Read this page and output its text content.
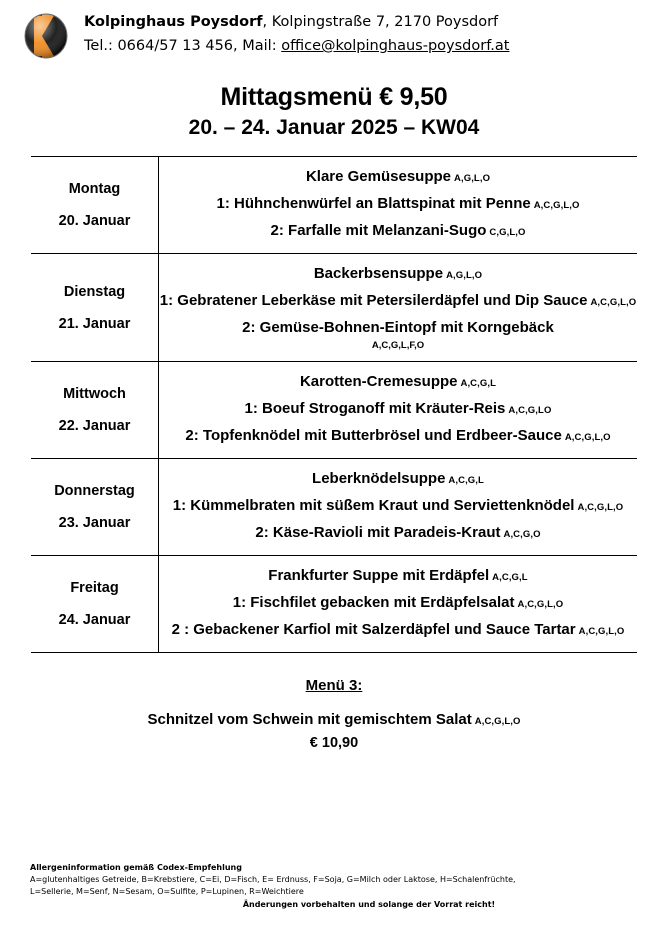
Kolpinghaus Poysdorf, Kolpingstraße 7, 2170 Poysdorf
Tel.: 0664/57 13 456, Mail: office@kolpinghaus-poysdorf.at
Mittagsmenü € 9,50
20. – 24. Januar 2025 – KW04
Montag
20. Januar

Klare Gemüsesuppe A,G,L,O
1: Hühnchenwürfel an Blattspinat mit Penne A,C,G,L,O
2: Farfalle mit Melanzani-Sugo C,G,L,O

Dienstag
21. Januar

Backerbsensuppe A,G,L,O
1: Gebratener Leberkäse mit Petersilerdäpfel und Dip Sauce A,C,G,L,O
2: Gemüse-Bohnen-Eintopf mit Korngebäck
A,C,G,L,F,O

Mittwoch
22. Januar

Karotten-Cremesuppe A,C,G,L
1: Boeuf Stroganoff mit Kräuter-Reis A,C,G,LO
2: Topfenknödel mit Butterbrösel und Erdbeer-Sauce A,C,G,L,O

Donnerstag
23. Januar

Leberknödelsuppe A,C,G,L
1: Kümmelbraten mit süßem Kraut und Serviettenknödel A,C,G,L,O
2: Käse-Ravioli mit Paradeis-Kraut A,C,G,O

Freitag
24. Januar

Frankfurter Suppe mit Erdäpfel A,C,G,L
1: Fischfilet gebacken mit Erdäpfelsalat A,C,G,L,O
2 : Gebackener Karfiol mit Salzerdäpfel und Sauce Tartar A,C,G,L,O
Menü 3:
Schnitzel vom Schwein mit gemischtem Salat A,C,G,L,O
€ 10,90
Allergeninformation gemäß Codex-Empfehlung
A=glutenhaltiges Getreide, B=Krebstiere, C=Ei, D=Fisch, E= Erdnuss, F=Soja, G=Milch oder Laktose, H=Schalenfrüchte,
L=Sellerie, M=Senf, N=Sesam, O=Sulfite, P=Lupinen, R=Weichtiere
Änderungen vorbehalten und solange der Vorrat reicht!
